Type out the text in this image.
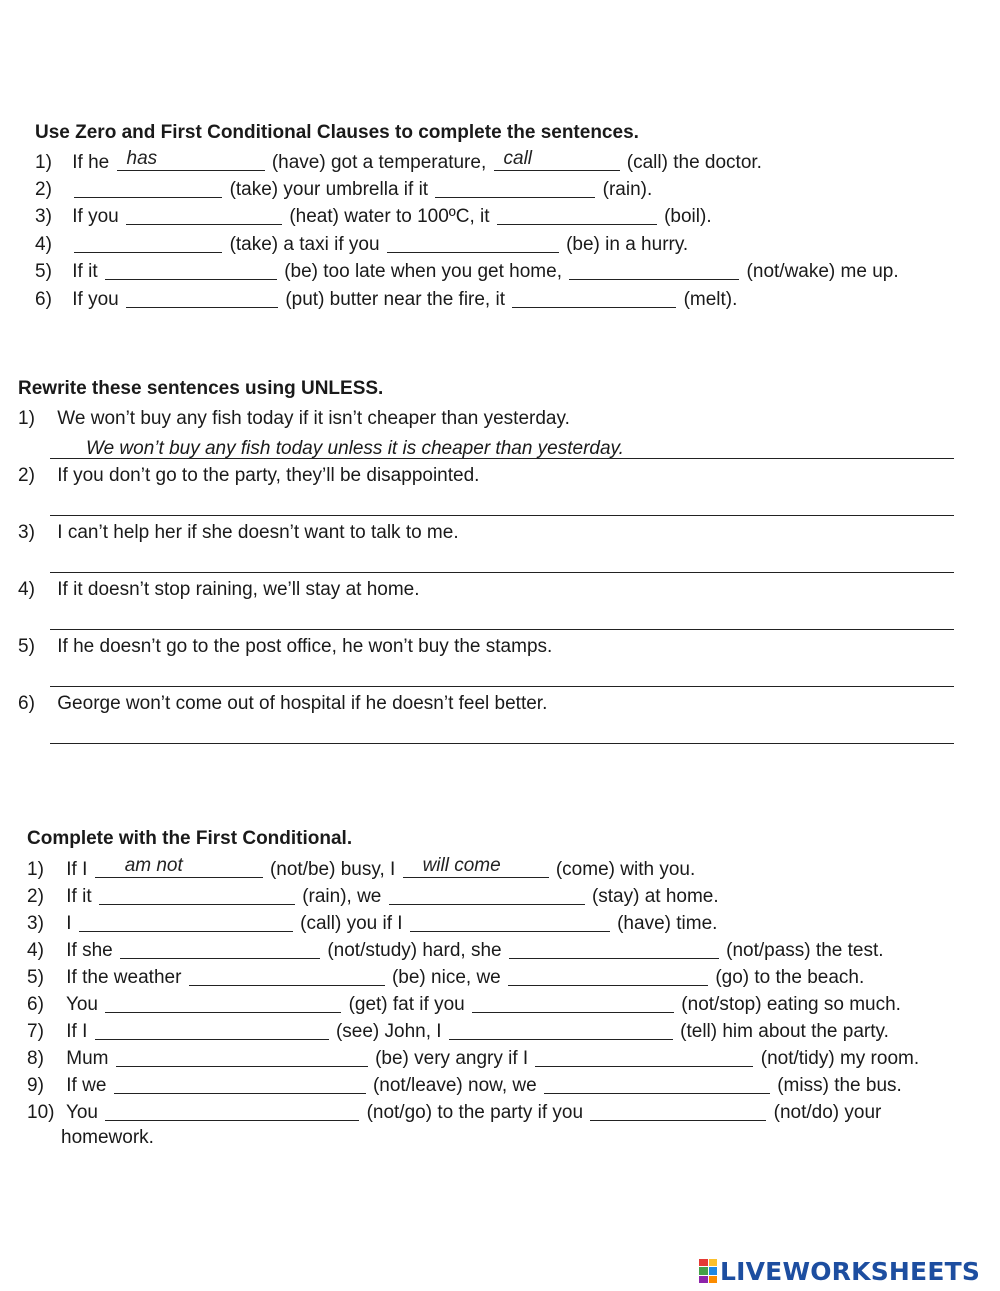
Use Zero and First Conditional Clauses to complete the sentences.
1) If he has	(have) got a temperature, call	(call) the doctor.
2)	(take) your umbrella if it	(rain).
3) If you	(heat) water to 100ºC, it	(boil).
4)	(take) a taxi if you	(be) in a hurry.
5) If it	(be) too late when you get home,	(not/wake) me up.
6) If you	(put) butter near the fire, it	(melt).
Rewrite these sentences using UNLESS.
1) We won’t buy any fish today if it isn’t cheaper than yesterday.
We won’t buy any fish today unless it is cheaper than yesterday.
2) If you don’t go to the party, they’ll be disappointed.
3) I can’t help her if she doesn’t want to talk to me.
4) If it doesn’t stop raining, we’ll stay at home.
5) If he doesn’t go to the post office, he won’t buy the stamps.
6) George won’t come out of hospital if he doesn’t feel better.
Complete with the First Conditional.
1) If I am not	(not/be) busy, I will come	(come) with you.
2) If it	(rain), we	(stay) at home.
3) I	(call) you if I	(have) time.
4) If she	(not/study) hard, she	(not/pass) the test.
5) If the weather	(be) nice, we	(go) to the beach.
6) You	(get) fat if you	(not/stop) eating so much.
7) If I	(see) John, I	(tell) him about the party.
8) Mum	(be) very angry if I	(not/tidy) my room.
9) If we	(not/leave) now, we	(miss) the bus.
10) You	(not/go) to the party if you	(not/do) your
homework.
LIVEWORKSHEETS
